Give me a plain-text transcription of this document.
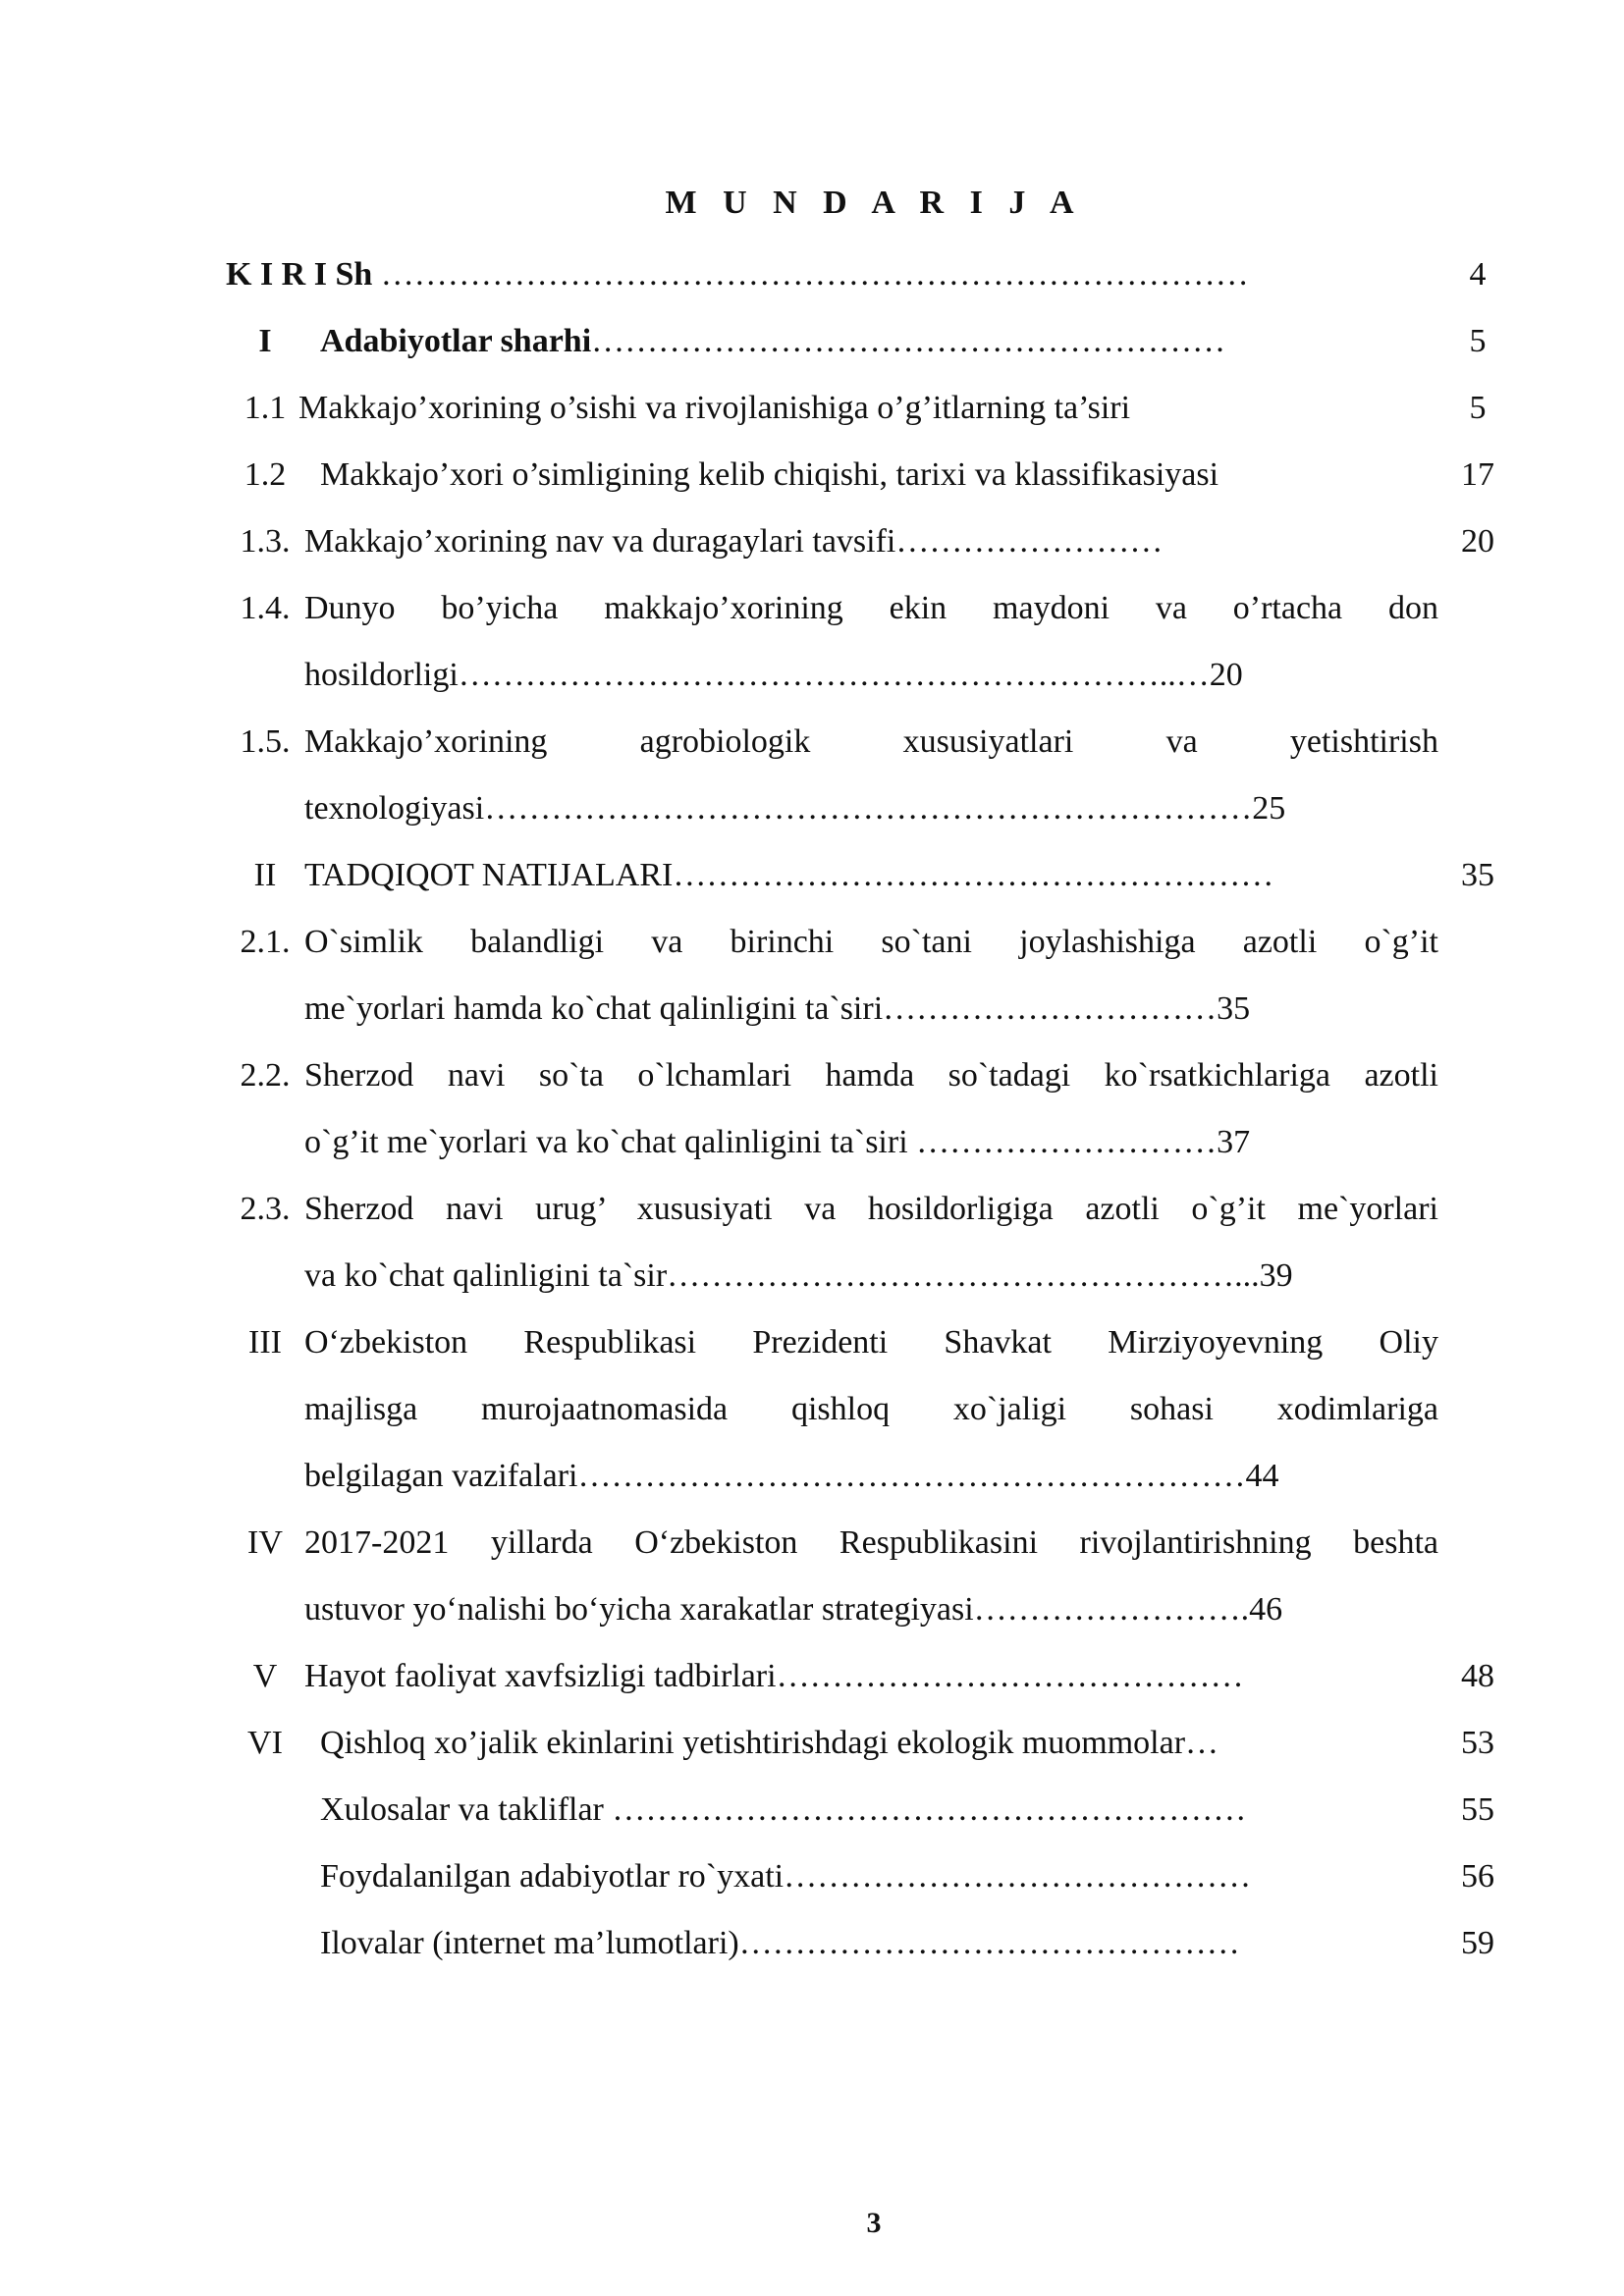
M U N D A R I J A
K I R I Sh ……………………………………………………………………	4
I	Adabiyotlar sharhi…………………………………………………	5
1.1 Makkajo’xorining o’sishi va rivojlanishiga o’g’itlarning ta’siri	5
1.2	Makkajo’xori o’simligining kelib chiqishi, tarixi va klassifikasiyasi	17
1.3. Makkajo’xorining nav va duragaylari tavsifi……………………	20
1.4. Dunyo bo’yicha makkajo’xorining ekin maydoni va o’rtacha don
hosildorligi………………………………………………………..…20
1.5. Makkajo’xorining agrobiologik xususiyatlari va yetishtirish
texnologiyasi……………………………………………………………25
II TADQIQOT NATIJALARI………………………………………………	35
2.1. O`simlik balandligi va birinchi so`tani joylashishiga azotli o`g’it
me`yorlari hamda ko`chat qalinligini ta`siri…………………………35
2.2. Sherzod navi so`ta o`lchamlari hamda so`tadagi ko`rsatkichlariga azotli
o`g’it me`yorlari va ko`chat qalinligini ta`siri ………………………37
2.3. Sherzod navi urug’ xususiyati va hosildorligiga azotli o`g’it me`yorlari
va ko`chat qalinligini ta`sir……………………………………………...39
III O‘zbekiston Respublikasi Prezidenti Shavkat Mirziyoyevning Oliy
majlisga murojaatnomasida qishloq xo`jaligi sohasi xodimlariga
belgilagan vazifalari……………………………………………………44
IV 2017-2021 yillarda O‘zbekiston Respublikasini rivojlantirishning beshta
ustuvor yo‘nalishi bo‘yicha xarakatlar strategiyasi…………………….46
V Hayot faoliyat xavfsizligi tadbirlari……………………………………	48
VI	Qishloq xo’jalik ekinlarini yetishtirishdagi ekologik muommolar…	53
Xulosalar va takliflar …………………………………………………	55
Foydalanilgan adabiyotlar ro`yxati……………………………………	56
Ilovalar (internet ma’lumotlari)………………………………………	59
3
